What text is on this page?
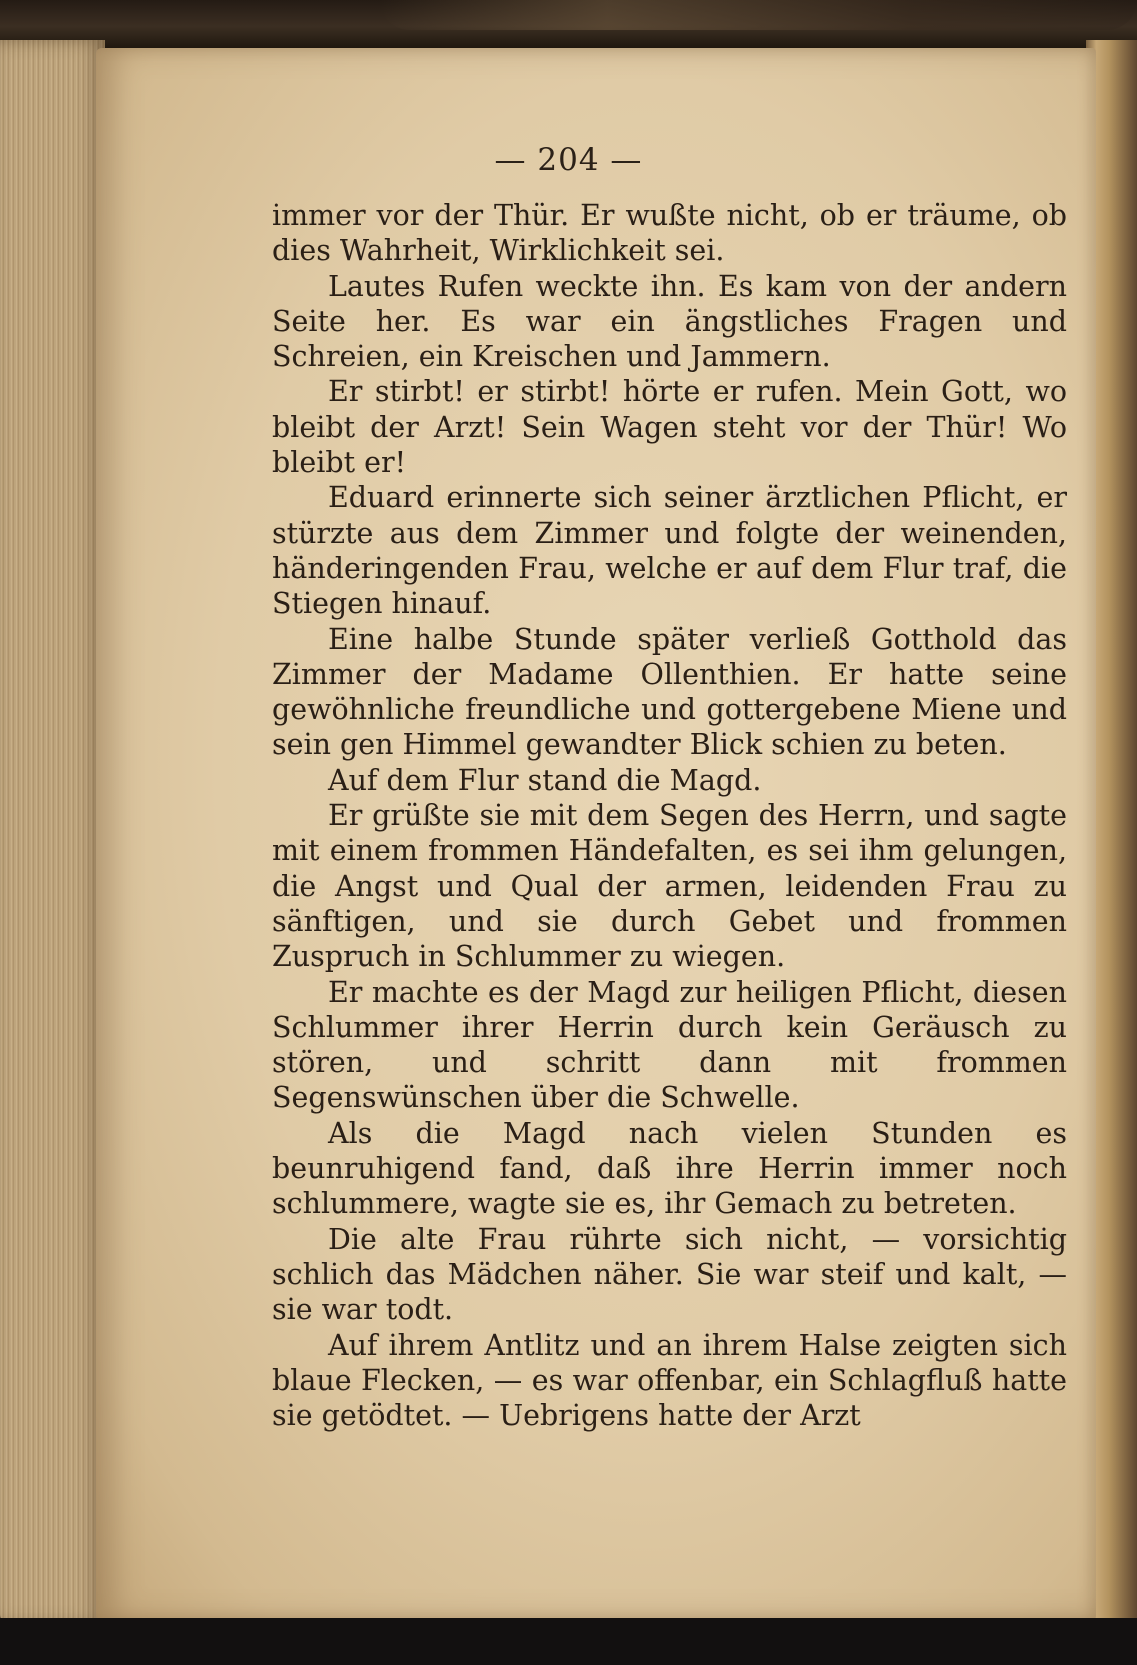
— 204 —

immer vor der Thür. Er wußte nicht, ob er träume, ob dies Wahrheit, Wirklichkeit sei.

Lautes Rufen weckte ihn. Es kam von der andern Seite her. Es war ein ängstliches Fragen und Schreien, ein Kreischen und Jammern.

Er stirbt! er stirbt! hörte er rufen. Mein Gott, wo bleibt der Arzt! Sein Wagen steht vor der Thür! Wo bleibt er!

Eduard erinnerte sich seiner ärztlichen Pflicht, er stürzte aus dem Zimmer und folgte der weinenden, händeringenden Frau, welche er auf dem Flur traf, die Stiegen hinauf.

Eine halbe Stunde später verließ Gotthold das Zimmer der Madame Ollenthien. Er hatte seine gewöhnliche freundliche und gottergebene Miene und sein gen Himmel gewandter Blick schien zu beten.

Auf dem Flur stand die Magd.

Er grüßte sie mit dem Segen des Herrn, und sagte mit einem frommen Händefalten, es sei ihm gelungen, die Angst und Qual der armen, leidenden Frau zu sänftigen, und sie durch Gebet und frommen Zuspruch in Schlummer zu wiegen.

Er machte es der Magd zur heiligen Pflicht, diesen Schlummer ihrer Herrin durch kein Geräusch zu stören, und schritt dann mit frommen Segenswünschen über die Schwelle.

Als die Magd nach vielen Stunden es beunruhigend fand, daß ihre Herrin immer noch schlummere, wagte sie es, ihr Gemach zu betreten.

Die alte Frau rührte sich nicht, — vorsichtig schlich das Mädchen näher. Sie war steif und kalt, — sie war todt.

Auf ihrem Antlitz und an ihrem Halse zeigten sich blaue Flecken, — es war offenbar, ein Schlagfluß hatte sie getödtet. — Uebrigens hatte der Arzt
